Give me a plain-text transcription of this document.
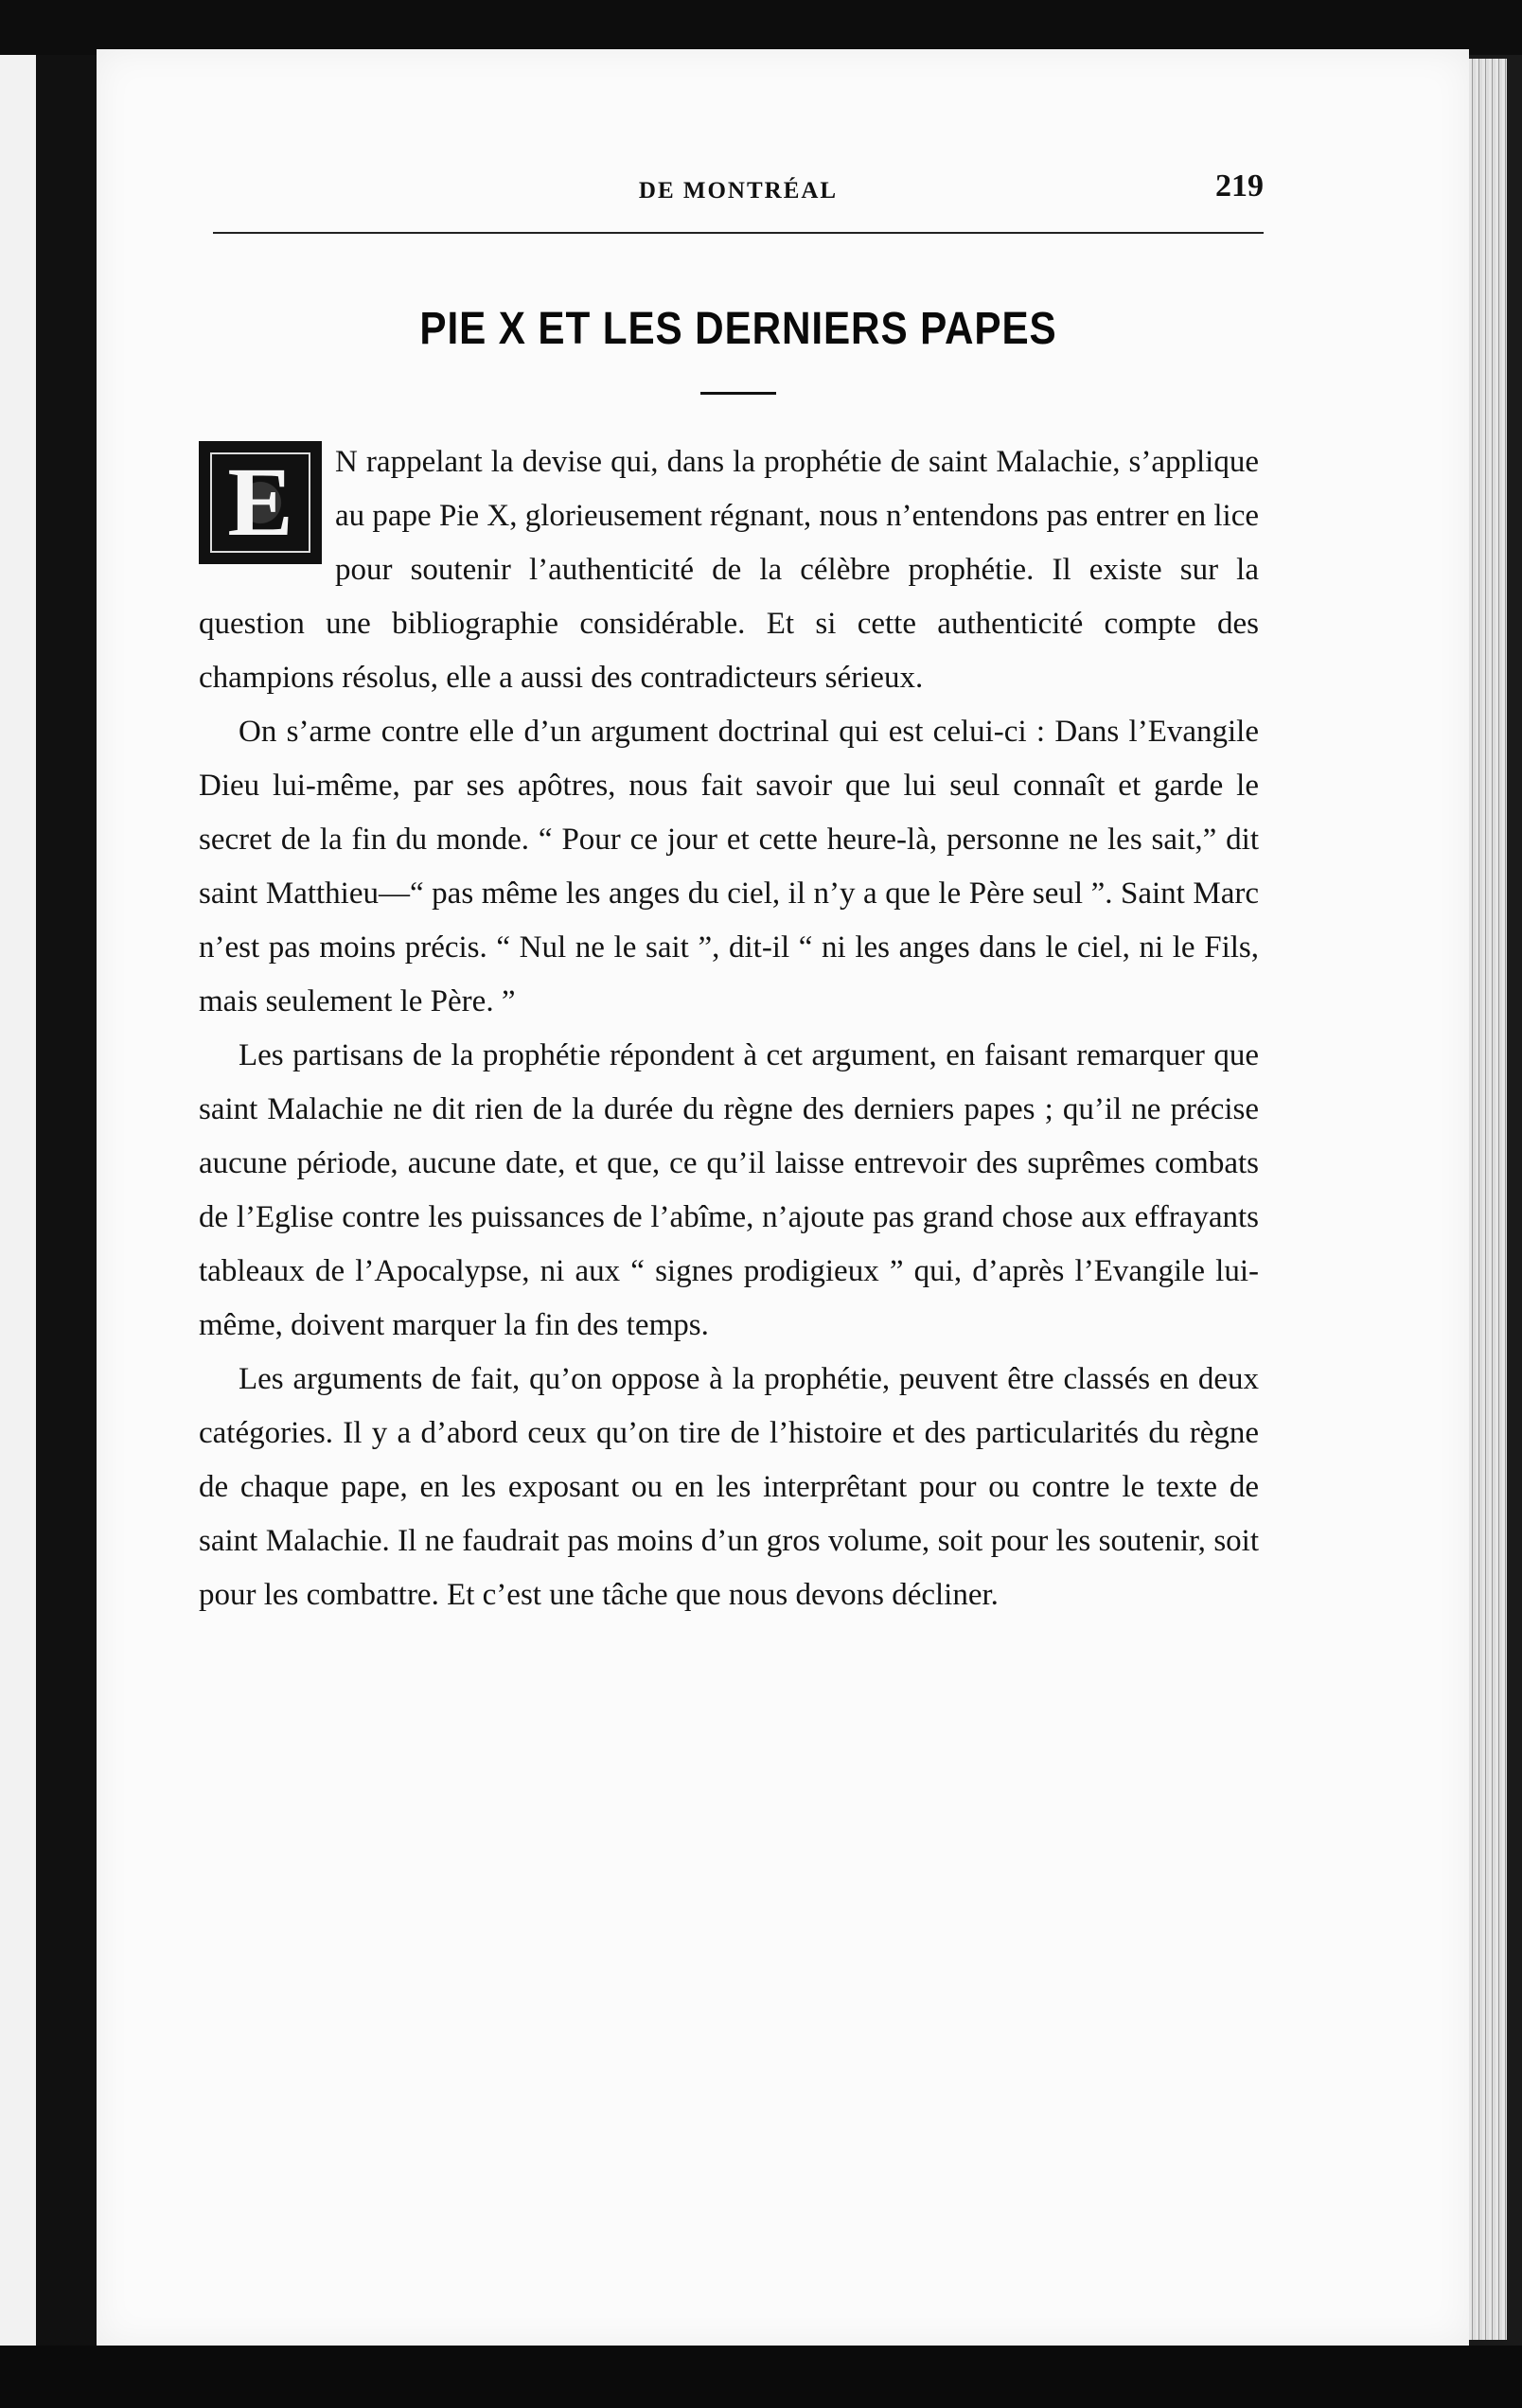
DE MONTRÉAL	219
PIE X ET LES DERNIERS PAPES

E	N rappelant la devise qui, dans la prophétie de saint Malachie, s’applique au pape Pie X, glorieusement régnant, nous n’entendons pas entrer en lice pour soutenir l’authenticité de la célèbre prophétie. Il existe sur la question une bibliographie considérable. Et si cette authenticité compte des champions résolus, elle a aussi des contradicteurs sérieux.

On s’arme contre elle d’un argument doctrinal qui est celui-ci : Dans l’Evangile Dieu lui-même, par ses apôtres, nous fait savoir que lui seul connaît et garde le secret de la fin du monde. “ Pour ce jour et cette heure-là, personne ne les sait,” dit saint Matthieu—“ pas même les anges du ciel, il n’y a que le Père seul ”. Saint Marc n’est pas moins précis. “ Nul ne le sait ”, dit-il “ ni les anges dans le ciel, ni le Fils, mais seulement le Père. ”

Les partisans de la prophétie répondent à cet argument, en faisant remarquer que saint Malachie ne dit rien de la durée du règne des derniers papes ; qu’il ne précise aucune période, aucune date, et que, ce qu’il laisse entrevoir des suprêmes combats de l’Eglise contre les puissances de l’abîme, n’ajoute pas grand chose aux effrayants tableaux de l’Apocalypse, ni aux “ signes prodigieux ” qui, d’après l’Evangile lui-même, doivent marquer la fin des temps.

Les arguments de fait, qu’on oppose à la prophétie, peuvent être classés en deux catégories. Il y a d’abord ceux qu’on tire de l’histoire et des particularités du règne de chaque pape, en les exposant ou en les interprêtant pour ou contre le texte de saint Malachie. Il ne faudrait pas moins d’un gros volume, soit pour les soutenir, soit pour les combattre. Et c’est une tâche que nous devons décliner.
